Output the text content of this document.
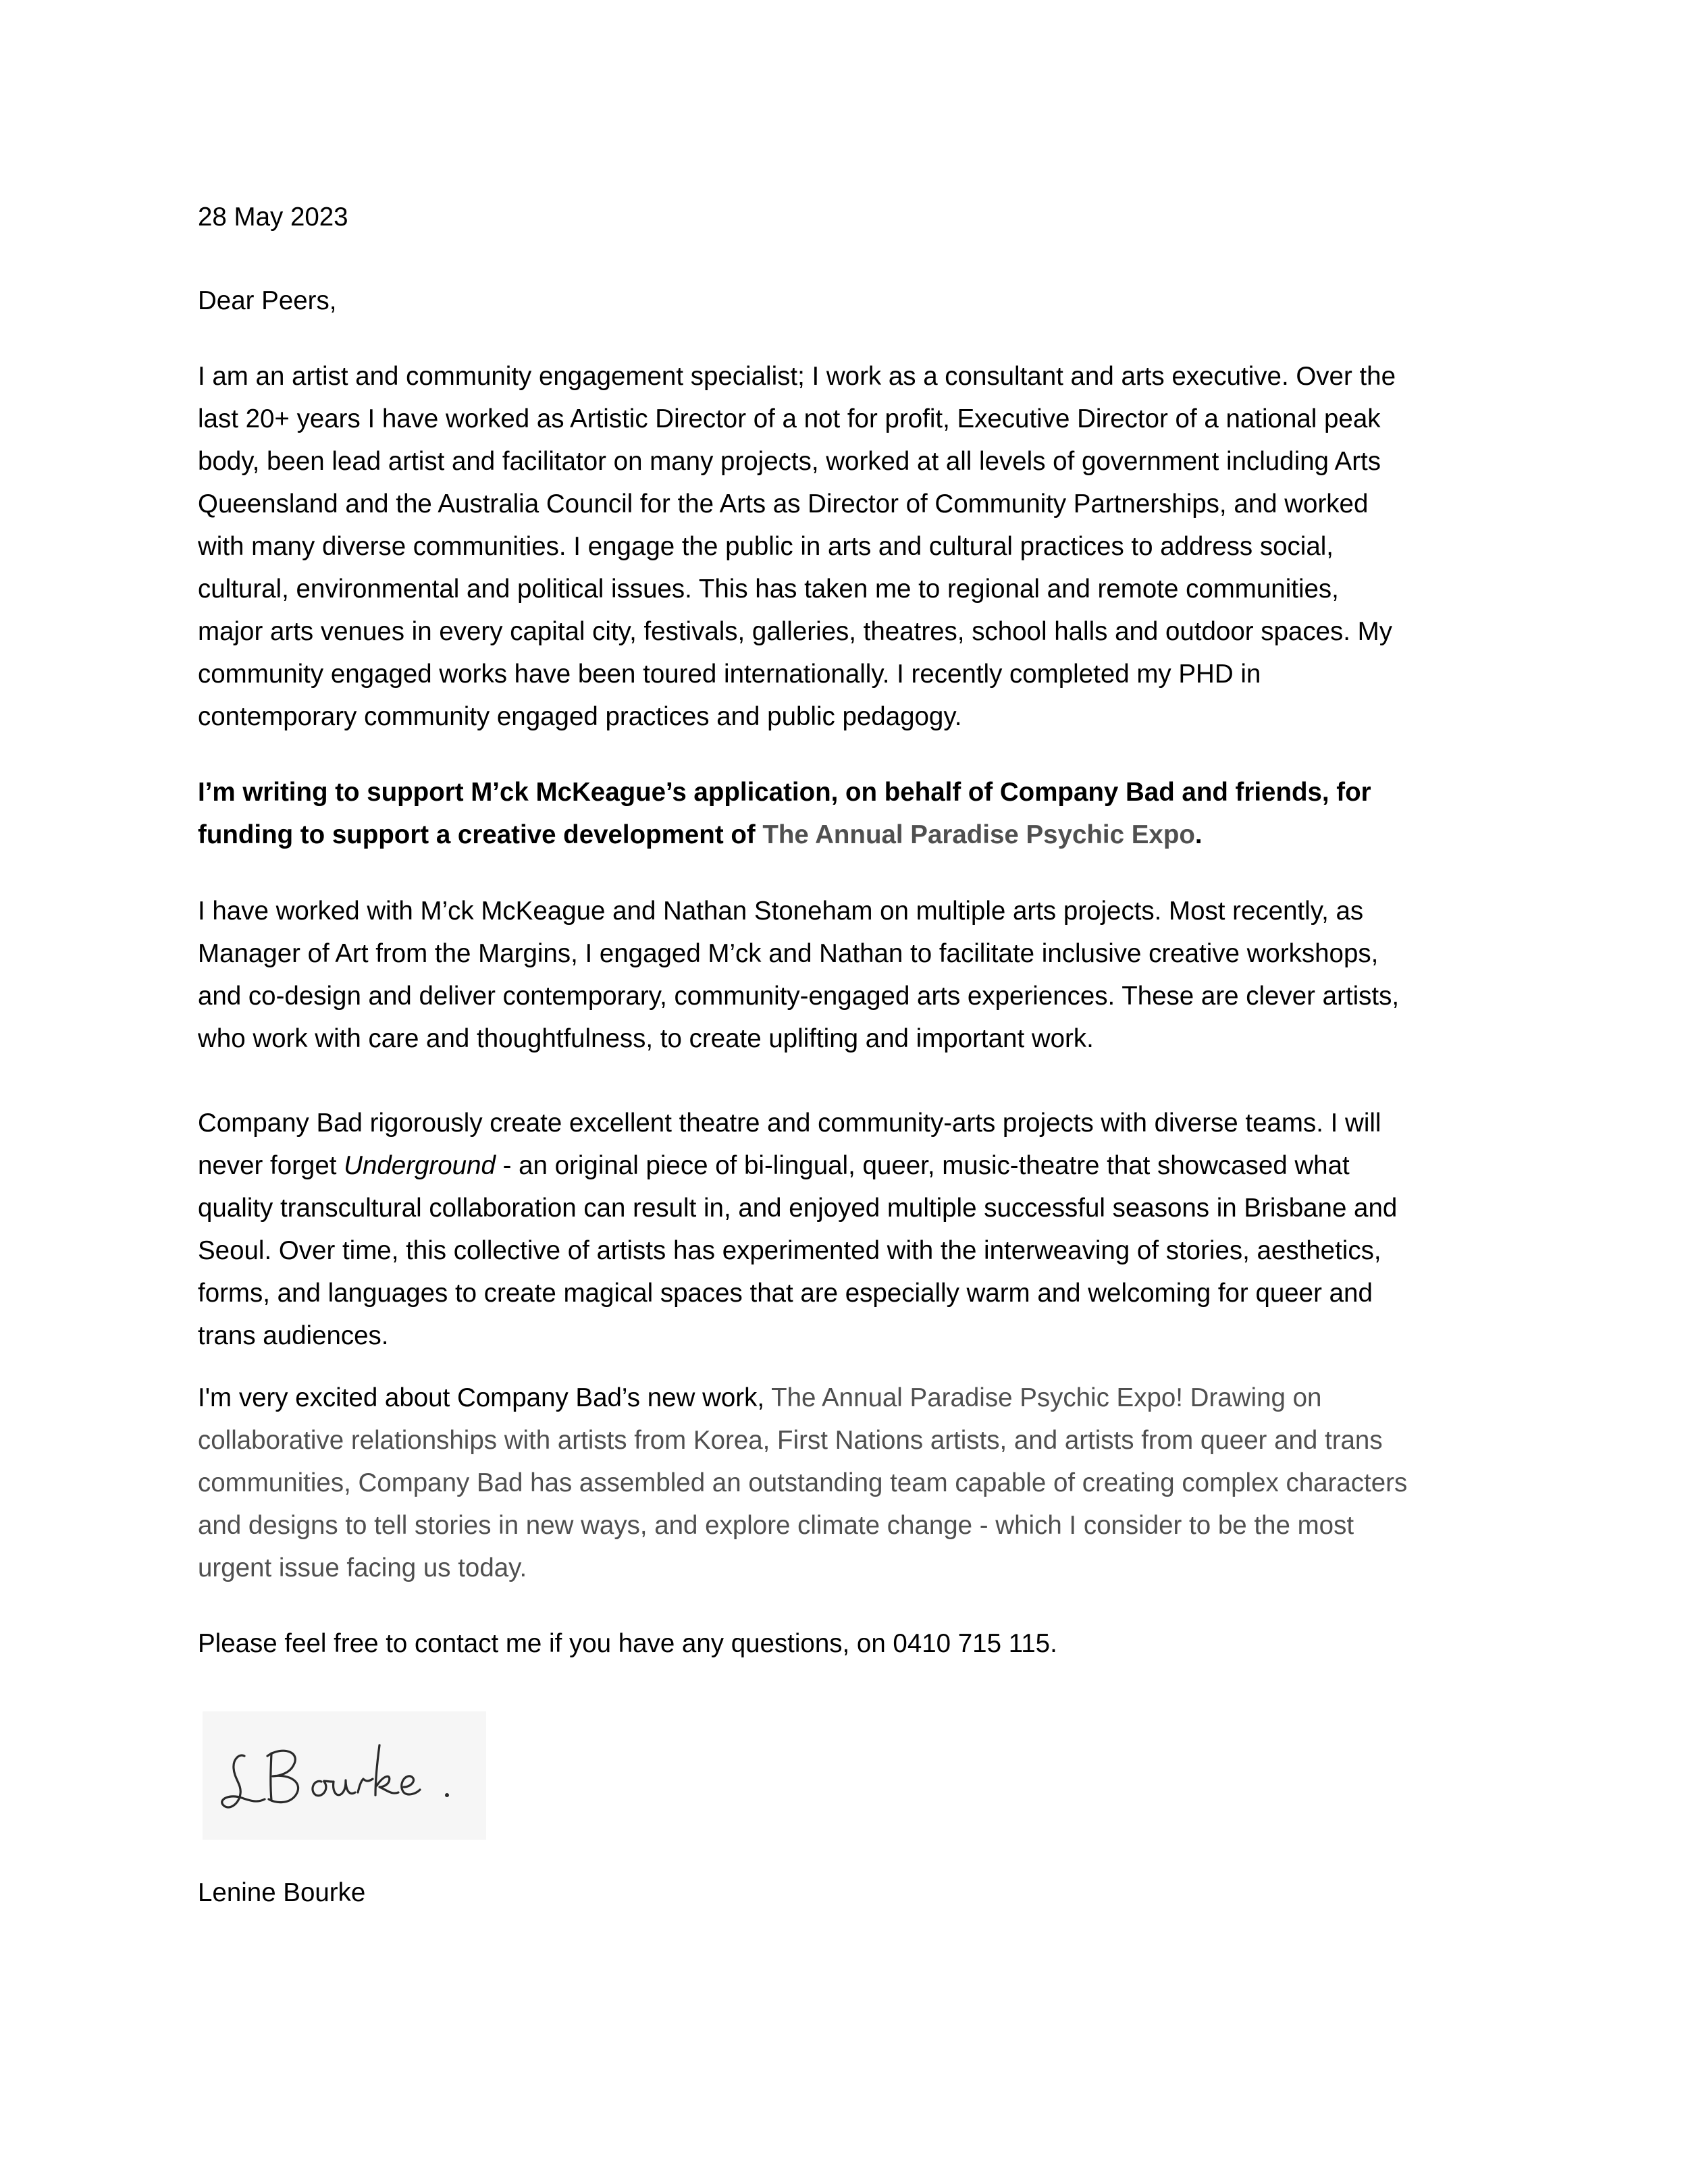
28 May 2023

Dear Peers,

I am an artist and community engagement specialist; I work as a consultant and arts executive. Over the
last 20+ years I have worked as Artistic Director of a not for profit, Executive Director of a national peak
body, been lead artist and facilitator on many projects, worked at all levels of government including Arts
Queensland and the Australia Council for the Arts as Director of Community Partnerships, and worked
with many diverse communities. I engage the public in arts and cultural practices to address social,
cultural, environmental and political issues. This has taken me to regional and remote communities,
major arts venues in every capital city, festivals, galleries, theatres, school halls and outdoor spaces. My
community engaged works have been toured internationally. I recently completed my PHD in
contemporary community engaged practices and public pedagogy.
I’m writing to support M’ck McKeague’s application, on behalf of Company Bad and friends, for
funding to support a creative development of The Annual Paradise Psychic Expo.
I have worked with M’ck McKeague and Nathan Stoneham on multiple arts projects. Most recently, as
Manager of Art from the Margins, I engaged M’ck and Nathan to facilitate inclusive creative workshops,
and co-design and deliver contemporary, community-engaged arts experiences. These are clever artists,
who work with care and thoughtfulness, to create uplifting and important work.
Company Bad rigorously create excellent theatre and community-arts projects with diverse teams. I will
never forget Underground - an original piece of bi-lingual, queer, music-theatre that showcased what
quality transcultural collaboration can result in, and enjoyed multiple successful seasons in Brisbane and
Seoul. Over time, this collective of artists has experimented with the interweaving of stories, aesthetics,
forms, and languages to create magical spaces that are especially warm and welcoming for queer and
trans audiences.
I'm very excited about Company Bad’s new work, The Annual Paradise Psychic Expo! Drawing on
collaborative relationships with artists from Korea, First Nations artists, and artists from queer and trans
communities, Company Bad has assembled an outstanding team capable of creating complex characters
and designs to tell stories in new ways, and explore climate change - which I consider to be the most
urgent issue facing us today.

Please feel free to contact me if you have any questions, on 0410 715 115.

Lenine Bourke
